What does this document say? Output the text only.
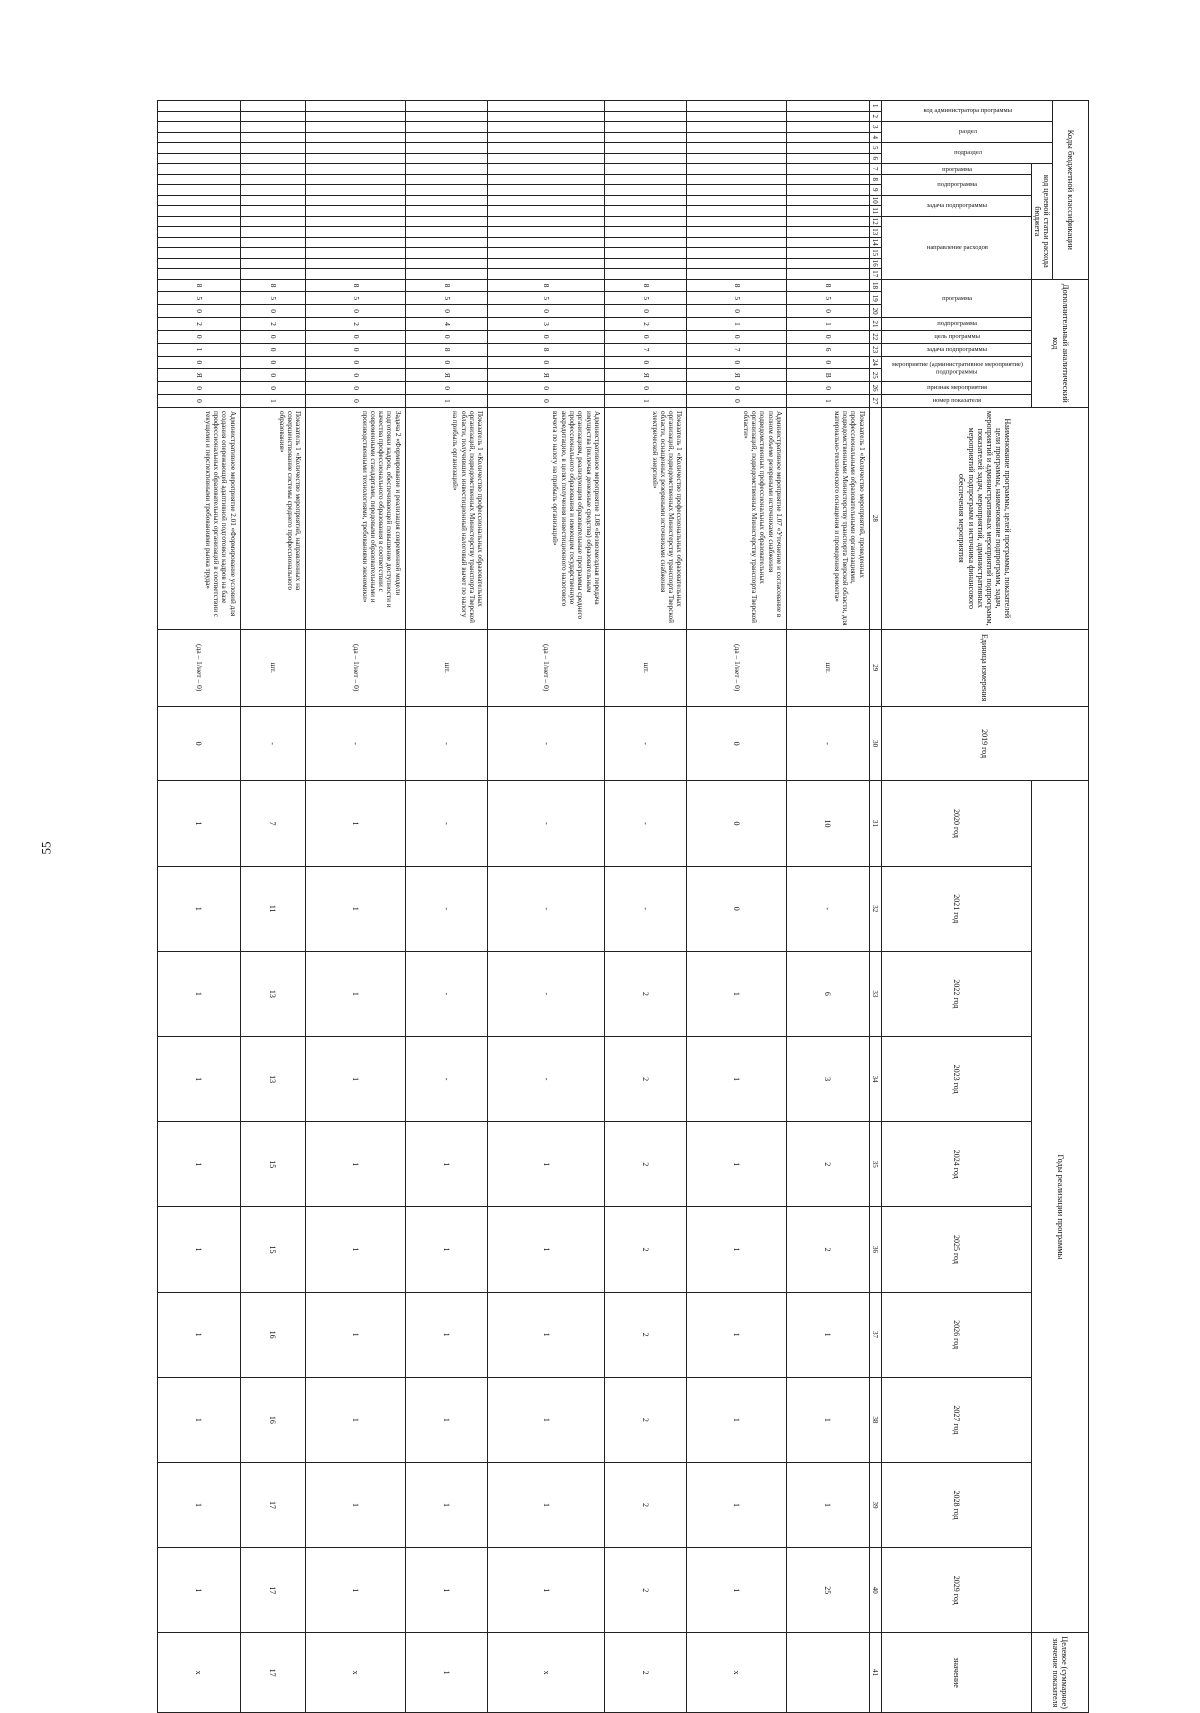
55
Коды бюджетной классификации																	Дополнительный аналитический код										Наименование программы, целей программы, показателей цели программы, наименование подпрограмм, задач, мероприятий и административных мероприятий подпрограмм, показателей задач, мероприятий, административных мероприятий подпрограмм и источника финансового обеспечения мероприятия	Единица измерения	2019 год	Годы реализации программы										Целевое (суммарное) значение показателя
код администратора программы		раздел		подраздел		код целевой статьи расхода бюджета																																		
						программа	подпрограмма		задача подпрограммы		направление расходов						программа			подпрограмма	цель программы	задача подпрограммы	мероприятие (административное мероприятие) подпрограммы		признак мероприятия	номер показателя				2020 год	2021 год	2022 год	2023 год	2024 год	2025 год	2026 год	2027 год	2028 год	2029 год	значение
1	2	3	4	5	6	7	8	9	10	11	12	13	14	15	16	17	18	19	20	21	22	23	24	25	26	27	28	29	30	31	32	33	34	35	36	37	38	39	40	41
																	8	5	0	1	0	6	0	В	0	1	Показатель 1 «Количество мероприятий, проведенных профессиональными образовательными организациями, подведомственными Министерству транспорта Тверской области, для материально-технического оснащения и проведения ремонта»	шт.	-	10	-	6	3	2	2	1	1	1	25	
																	8	5	0	1	0	7	0	Я	0	0	Административное мероприятие 1.07 «Уточнение и согласование в полном объеме резервными источниками снабжения подведомственных профессиональных образовательных организаций, подведомственных Министерству транспорта Тверской области»	(да – 1/нет – 0)	0	0	0	1	1	1	1	1	1	1	1	х
																	8	5	0	2	0	7	0	Я	0	1	Показатель 1 «Количество профессиональных образовательных организаций, подведомственных Министерству транспорта Тверской области, оснащенных резервными источниками снабжения электрической энергией»	шт.	-	-	-	2	2	2	2	2	2	2	2	2
																	8	5	0	3	0	8	0	Я	0	0	Административное мероприятие 1.08 «Безвозмездная передача имущества (включая денежные средства) образовательным организациям, реализующим образовательные программы среднего профессионального образования и имеющим государственную аккредитацию, в целях получения инвестиционного налогового вычета по налогу на прибыль организаций»	(да – 1/нет – 0)	-	-	-	-	-	1	1	1	1	1	1	х
																	8	5	0	4	0	8	0	Я	0	1	Показатель 1 «Количество профессиональных образовательных организаций, подведомственных Министерству транспорта Тверской области, получивших инвестиционный налоговый вычет по налогу на прибыль организаций»	шт.	-	-	-	-	-	1	1	1	1	1	1	1
																	8	5	0	2	0	0	0	0	0	0	Задача 2 «Формирование и реализация современной модели подготовки кадров, обеспечивающей повышение доступности и качества профессионального образования в соответствии с современными стандартами, передовыми образовательными и производственными технологиями, требованиями экономики»	(да – 1/нет – 0)	-	1	1	1	1	1	1	1	1	1	1	х
																	8	5	0	2	0	0	0	0	0	1	Показатель 1 «Количество мероприятий, направленных на совершенствование системы среднего профессионального образования»	шт.	-	7	11	13	13	15	15	16	16	17	17	17
																	8	5	0	2	0	1	0	Я	0	0	Административное мероприятие 2.01 «Формирование условий для создания опережающей адаптивной подготовки кадров на базе профессиональных образовательных организаций в соответствии с текущими и перспективными требованиями рынка труда»	(да – 1/нет – 0)	0	1	1	1	1	1	1	1	1	1	1	х
